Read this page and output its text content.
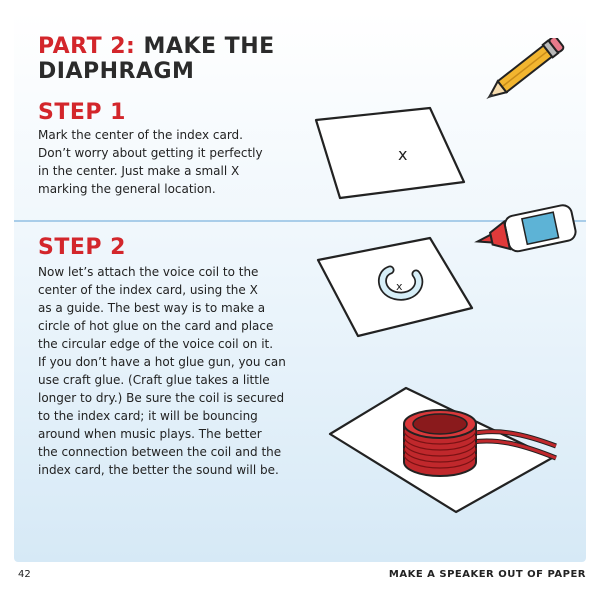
PART 2: MAKE THE
DIAPHRAGM
STEP 1
Mark the center of the index card.
Don’t worry about getting it perfectly
in the center. Just make a small X
marking the general location.
STEP 2
Now let’s attach the voice coil to the
center of the index card, using the X
as a guide. The best way is to make a
circle of hot glue on the card and place
the circular edge of the voice coil on it.
If you don’t have a hot glue gun, you can
use craft glue. (Craft glue takes a little
longer to dry.) Be sure the coil is secured
to the index card; it will be bouncing
around when music plays. The better
the connection between the coil and the
index card, the better the sound will be.
x
x
42	MAKE A SPEAKER OUT OF PAPER
